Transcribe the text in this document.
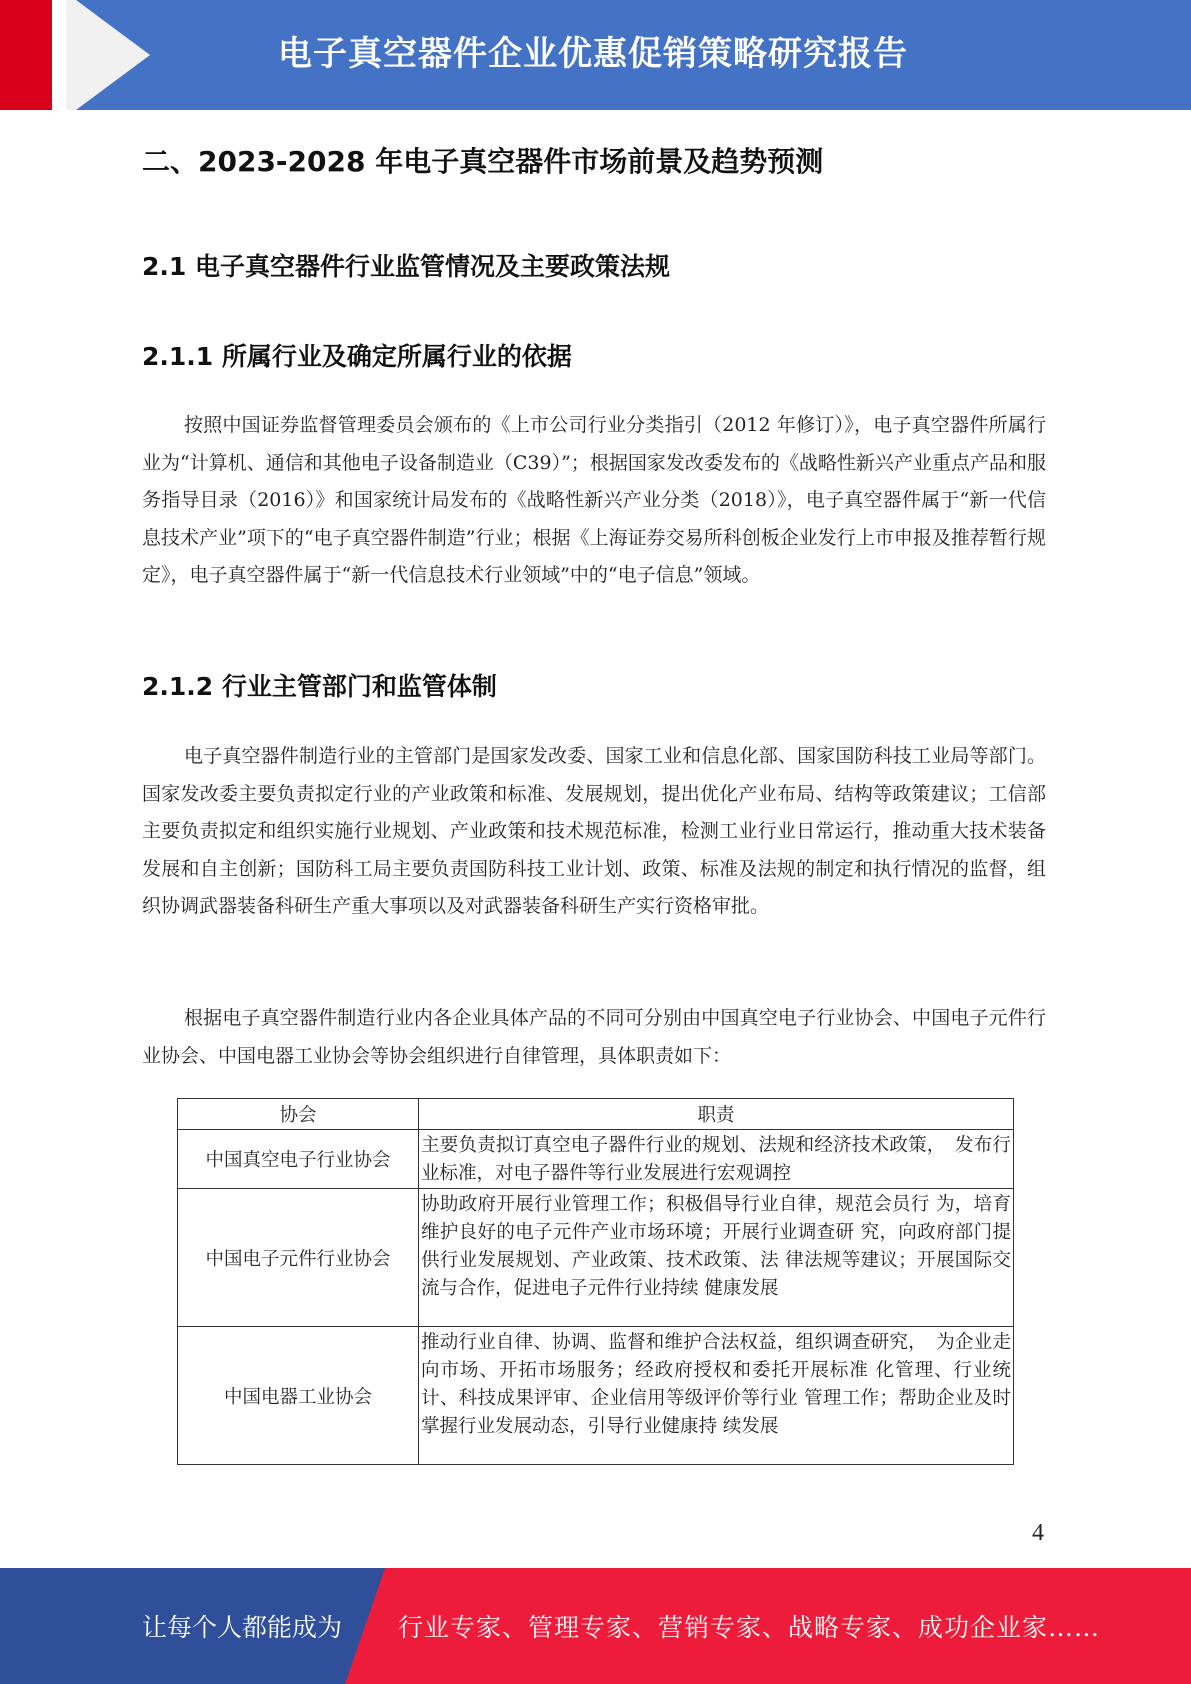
电子真空器件企业优惠促销策略研究报告
二、2023-2028 年电子真空器件市场前景及趋势预测
2.1 电子真空器件行业监管情况及主要政策法规
2.1.1 所属行业及确定所属行业的依据

按照中国证券监督管理委员会颁布的《上市公司行业分类指引（2012 年修订）》，电子真空器件所属行业为“计算机、通信和其他电子设备制造业（C39）”；根据国家发改委发布的《战略性新兴产业重点产品和服务指导目录（2016）》和国家统计局发布的《战略性新兴产业分类（2018）》，电子真空器件属于“新一代信息技术产业”项下的“电子真空器件制造”行业；根据《上海证券交易所科创板企业发行上市申报及推荐暂行规定》，电子真空器件属于“新一代信息技术行业领域”中的“电子信息”领域。

2.1.2 行业主管部门和监管体制

电子真空器件制造行业的主管部门是国家发改委、国家工业和信息化部、国家国防科技工业局等部门。国家发改委主要负责拟定行业的产业政策和标准、发展规划，提出优化产业布局、结构等政策建议；工信部主要负责拟定和组织实施行业规划、产业政策和技术规范标准，检测工业行业日常运行，推动重大技术装备发展和自主创新；国防科工局主要负责国防科技工业计划、政策、标准及法规的制定和执行情况的监督，组织协调武器装备科研生产重大事项以及对武器装备科研生产实行资格审批。

根据电子真空器件制造行业内各企业具体产品的不同可分别由中国真空电子行业协会、中国电子元件行业协会、中国电器工业协会等协会组织进行自律管理，具体职责如下：

协会	职责
中国真空电子行业协会	主要负责拟订真空电子器件行业的规划、法规和经济技术政策，　发布行业标准，对电子器件等行业发展进行宏观调控
中国电子元件行业协会	协助政府开展行业管理工作；积极倡导行业自律，规范会员行 为，培育维护良好的电子元件产业市场环境；开展行业调查研 究，向政府部门提供行业发展规划、产业政策、技术政策、法 律法规等建议；开展国际交流与合作，促进电子元件行业持续 健康发展
中国电器工业协会	推动行业自律、协调、监督和维护合法权益，组织调查研究，　为企业走向市场、开拓市场服务；经政府授权和委托开展标准 化管理、行业统计、科技成果评审、企业信用等级评价等行业 管理工作；帮助企业及时掌握行业发展动态，引导行业健康持 续发展
4
让每个人都能成为 行业专家、管理专家、营销专家、战略专家、成功企业家……
